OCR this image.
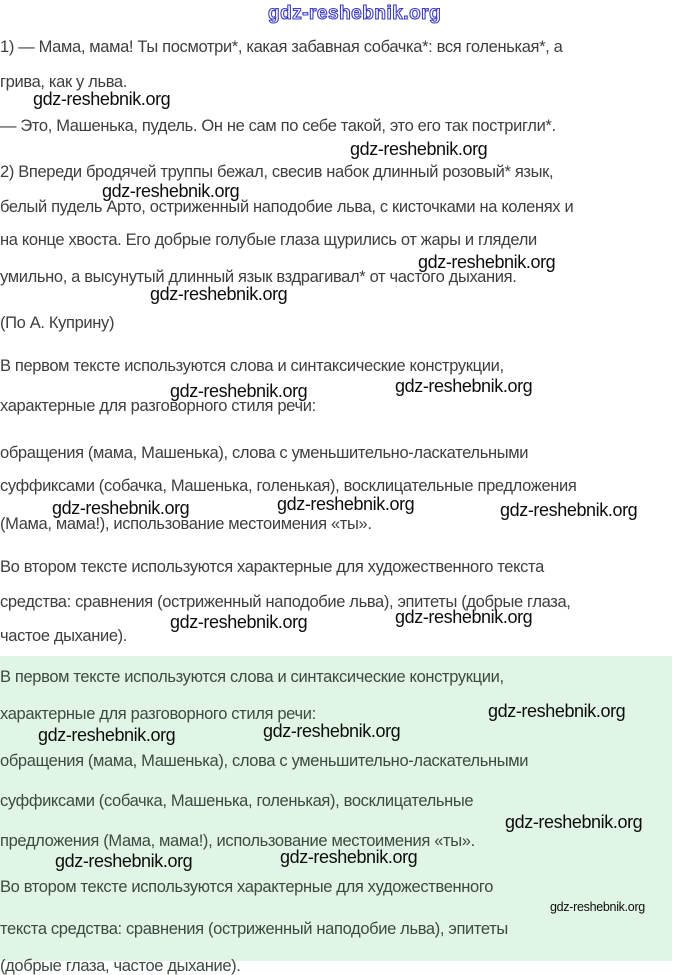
gdz-reshebnik.org
1) — Мама, мама! Ты посмотри*, какая забавная собачка*: вся голенькая*, а
грива, как у льва.
gdz-reshebnik.org
— Это, Машенька, пудель. Он не сам по себе такой, это его так постригли*.
gdz-reshebnik.org
2) Впереди бродячей труппы бежал, свесив набок длинный розовый* язык,
gdz-reshebnik.org
белый пудель Арто, остриженный наподобие льва, с кисточками на коленях и
на конце хвоста. Его добрые голубые глаза щурились от жары и глядели
gdz-reshebnik.org
умильно, а высунутый длинный язык вздрагивал* от частого дыхания.
gdz-reshebnik.org
(По А. Куприну)
В первом тексте используются слова и синтаксические конструкции,
gdz-reshebnik.org	gdz-reshebnik.org
характерные для разговорного стиля речи:
обращения (мама, Машенька), слова с уменьшительно-ласкательными
суффиксами (собачка, Машенька, голенькая), восклицательные предложения
gdz-reshebnik.org	gdz-reshebnik.org	gdz-reshebnik.org
(Мама, мама!), использование местоимения «ты».
Во втором тексте используются характерные для художественного текста
средства: сравнения (остриженный наподобие льва), эпитеты (добрые глаза,
gdz-reshebnik.org	gdz-reshebnik.org
частое дыхание).
В первом тексте используются слова и синтаксические конструкции,
характерные для разговорного стиля речи:	gdz-reshebnik.org
gdz-reshebnik.org	gdz-reshebnik.org
обращения (мама, Машенька), слова с уменьшительно-ласкательными
суффиксами (собачка, Машенька, голенькая), восклицательные
gdz-reshebnik.org
предложения (Мама, мама!), использование местоимения «ты».
gdz-reshebnik.org	gdz-reshebnik.org
Во втором тексте используются характерные для художественного
gdz-reshebnik.org
текста средства: сравнения (остриженный наподобие льва), эпитеты
(добрые глаза, частое дыхание).
